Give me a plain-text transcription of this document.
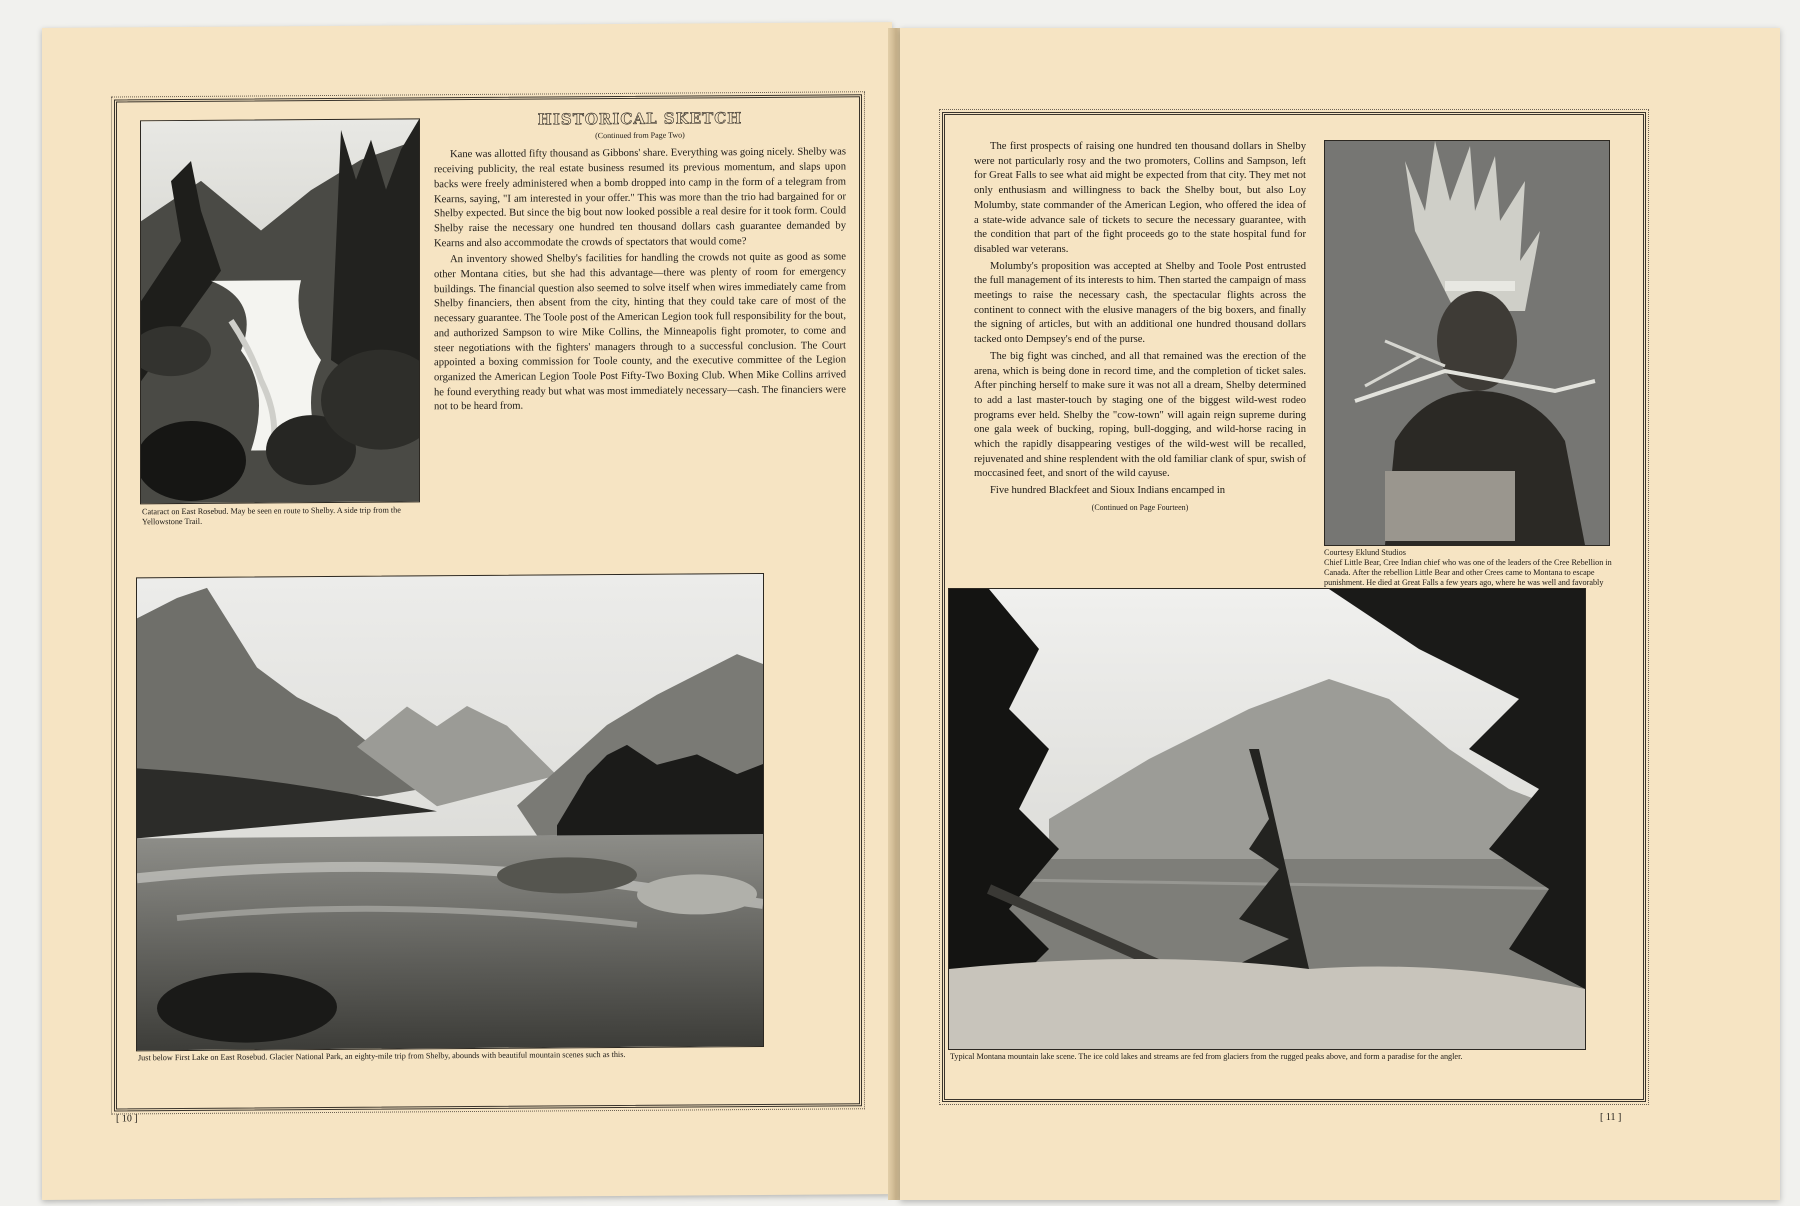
Cataract on East Rosebud. May be seen en route to Shelby. A side trip from the Yellowstone Trail.
HISTORICAL SKETCH
(Continued from Page Two)

Kane was allotted fifty thousand as Gibbons' share. Everything was going nicely. Shelby was receiving publicity, the real estate business resumed its previous momentum, and slaps upon backs were freely administered when a bomb dropped into camp in the form of a telegram from Kearns, saying, "I am interested in your offer." This was more than the trio had bargained for or Shelby expected. But since the big bout now looked possible a real desire for it took form. Could Shelby raise the necessary one hundred ten thousand dollars cash guarantee demanded by Kearns and also accommodate the crowds of spectators that would come?

An inventory showed Shelby's facilities for handling the crowds not quite as good as some other Montana cities, but she had this advantage—there was plenty of room for emergency buildings. The financial question also seemed to solve itself when wires immediately came from Shelby financiers, then absent from the city, hinting that they could take care of most of the necessary guarantee. The Toole post of the American Legion took full responsibility for the bout, and authorized Sampson to wire Mike Collins, the Minneapolis fight promoter, to come and steer negotiations with the fighters' managers through to a successful conclusion. The Court appointed a boxing commission for Toole county, and the executive committee of the Legion organized the American Legion Toole Post Fifty-Two Boxing Club. When Mike Collins arrived he found everything ready but what was most immediately necessary—cash. The financiers were not to be heard from.

Just below First Lake on East Rosebud. Glacier National Park, an eighty-mile trip from Shelby, abounds with beautiful mountain scenes such as this.
[ 10 ]

The first prospects of raising one hundred ten thousand dollars in Shelby were not particularly rosy and the two promoters, Collins and Sampson, left for Great Falls to see what aid might be expected from that city. They met not only enthusiasm and willingness to back the Shelby bout, but also Loy Molumby, state commander of the American Legion, who offered the idea of a state-wide advance sale of tickets to secure the necessary guarantee, with the condition that part of the fight proceeds go to the state hospital fund for disabled war veterans.

Molumby's proposition was accepted at Shelby and Toole Post entrusted the full management of its interests to him. Then started the campaign of mass meetings to raise the necessary cash, the spectacular flights across the continent to connect with the elusive managers of the big boxers, and finally the signing of articles, but with an additional one hundred thousand dollars tacked onto Dempsey's end of the purse.

The big fight was cinched, and all that remained was the erection of the arena, which is being done in record time, and the completion of ticket sales. After pinching herself to make sure it was not all a dream, Shelby determined to add a last master-touch by staging one of the biggest wild-west rodeo programs ever held. Shelby the "cow-town" will again reign supreme during one gala week of bucking, roping, bull-dogging, and wild-horse racing in which the rapidly disappearing vestiges of the wild-west will be recalled, rejuvenated and shine resplendent with the old familiar clank of spur, swish of moccasined feet, and snort of the wild cayuse.

Five hundred Blackfeet and Sioux Indians encamped in

(Continued on Page Fourteen)
Courtesy Eklund Studios
Chief Little Bear, Cree Indian chief who was one of the leaders of the Cree Rebellion in Canada. After the rebellion Little Bear and other Crees came to Montana to escape punishment. He died at Great Falls a few years ago, where he was well and favorably
Typical Montana mountain lake scene. The ice cold lakes and streams are fed from glaciers from the rugged peaks above, and form a paradise for the angler.
[ 11 ]
